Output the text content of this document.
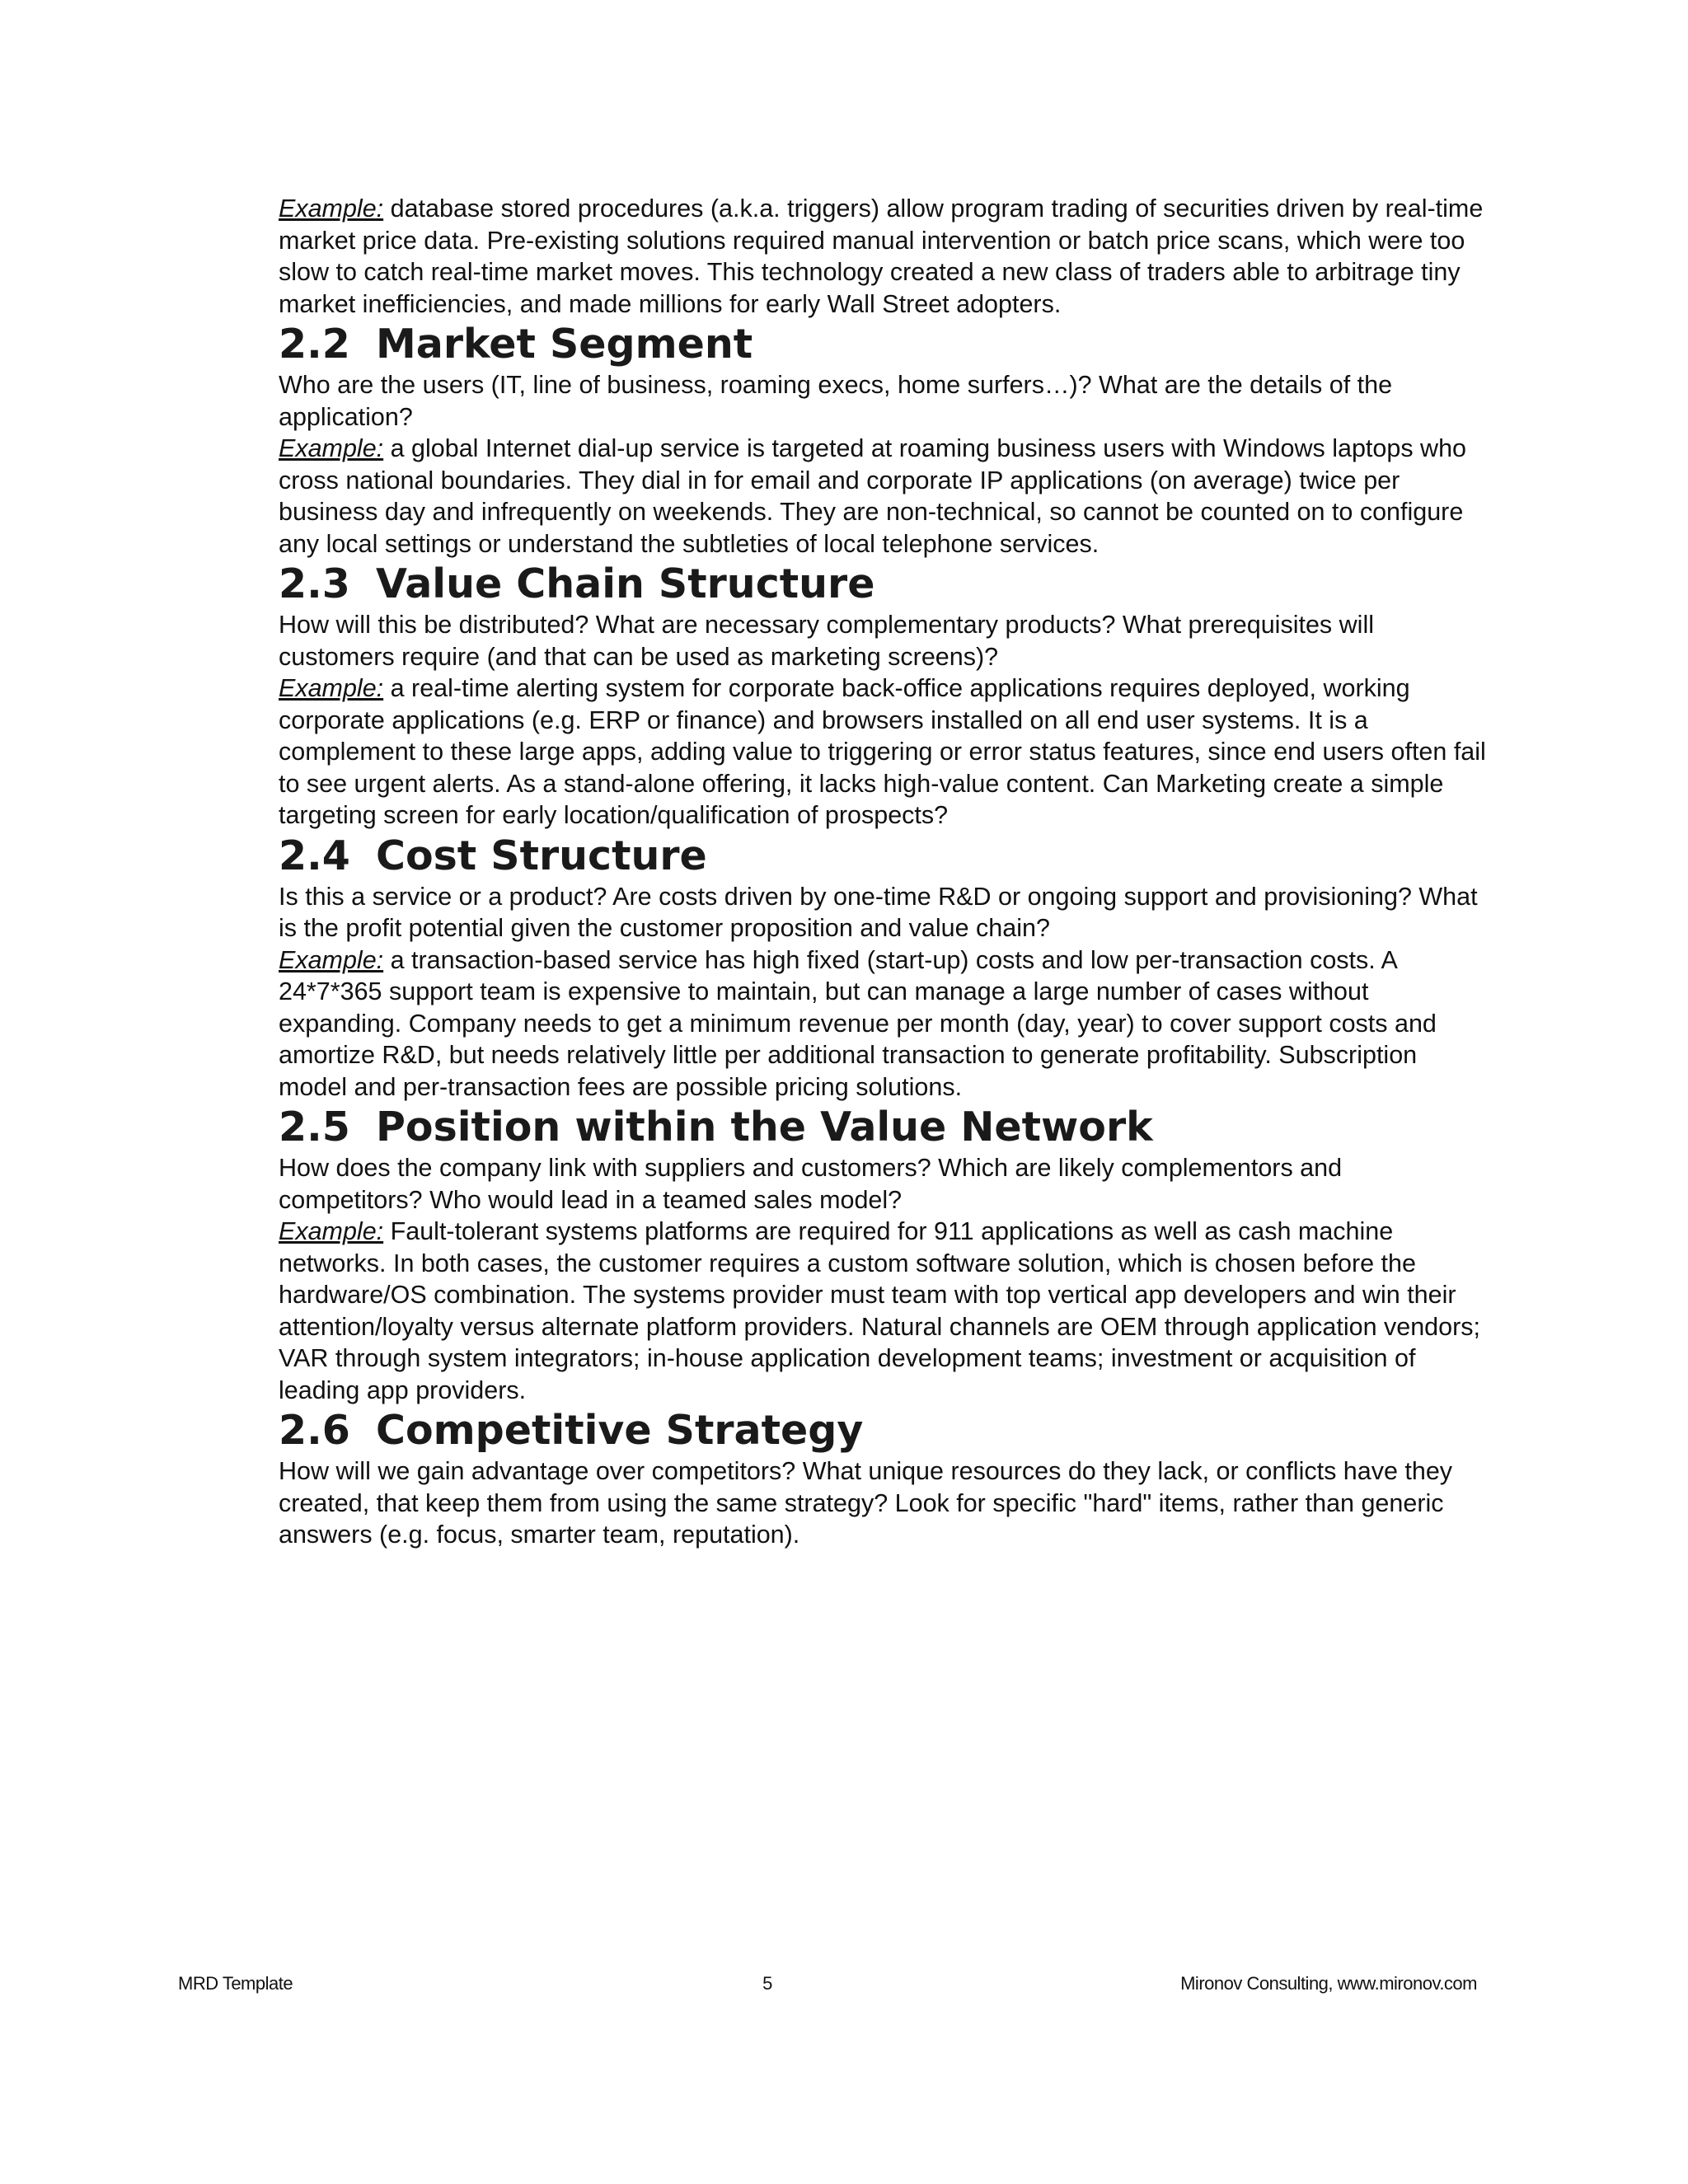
Example: database stored procedures (a.k.a. triggers) allow program trading of securities driven by real-time market price data. Pre-existing solutions required manual intervention or batch price scans, which were too slow to catch real-time market moves. This technology created a new class of traders able to arbitrage tiny market inefficiencies, and made millions for early Wall Street adopters.

2.2 Market Segment

Who are the users (IT, line of business, roaming execs, home surfers…)? What are the details of the application?

Example: a global Internet dial-up service is targeted at roaming business users with Windows laptops who cross national boundaries. They dial in for email and corporate IP applications (on average) twice per business day and infrequently on weekends. They are non-technical, so cannot be counted on to configure any local settings or understand the subtleties of local telephone services.

2.3 Value Chain Structure

How will this be distributed? What are necessary complementary products? What prerequisites will customers require (and that can be used as marketing screens)?

Example: a real-time alerting system for corporate back-office applications requires deployed, working corporate applications (e.g. ERP or finance) and browsers installed on all end user systems. It is a complement to these large apps, adding value to triggering or error status features, since end users often fail to see urgent alerts. As a stand-alone offering, it lacks high-value content. Can Marketing create a simple targeting screen for early location/qualification of prospects?

2.4 Cost Structure

Is this a service or a product? Are costs driven by one-time R&D or ongoing support and provisioning? What is the profit potential given the customer proposition and value chain?

Example: a transaction-based service has high fixed (start-up) costs and low per-transaction costs. A 24*7*365 support team is expensive to maintain, but can manage a large number of cases without expanding. Company needs to get a minimum revenue per month (day, year) to cover support costs and amortize R&D, but needs relatively little per additional transaction to generate profitability. Subscription model and per-transaction fees are possible pricing solutions.

2.5 Position within the Value Network

How does the company link with suppliers and customers? Which are likely complementors and competitors? Who would lead in a teamed sales model?

Example: Fault-tolerant systems platforms are required for 911 applications as well as cash machine networks. In both cases, the customer requires a custom software solution, which is chosen before the hardware/OS combination. The systems provider must team with top vertical app developers and win their attention/loyalty versus alternate platform providers. Natural channels are OEM through application vendors; VAR through system integrators; in-house application development teams; investment or acquisition of leading app providers.

2.6 Competitive Strategy

How will we gain advantage over competitors? What unique resources do they lack, or conflicts have they created, that keep them from using the same strategy? Look for specific "hard" items, rather than generic answers (e.g. focus, smarter team, reputation).

MRD Template	5	Mironov Consulting, www.mironov.com
